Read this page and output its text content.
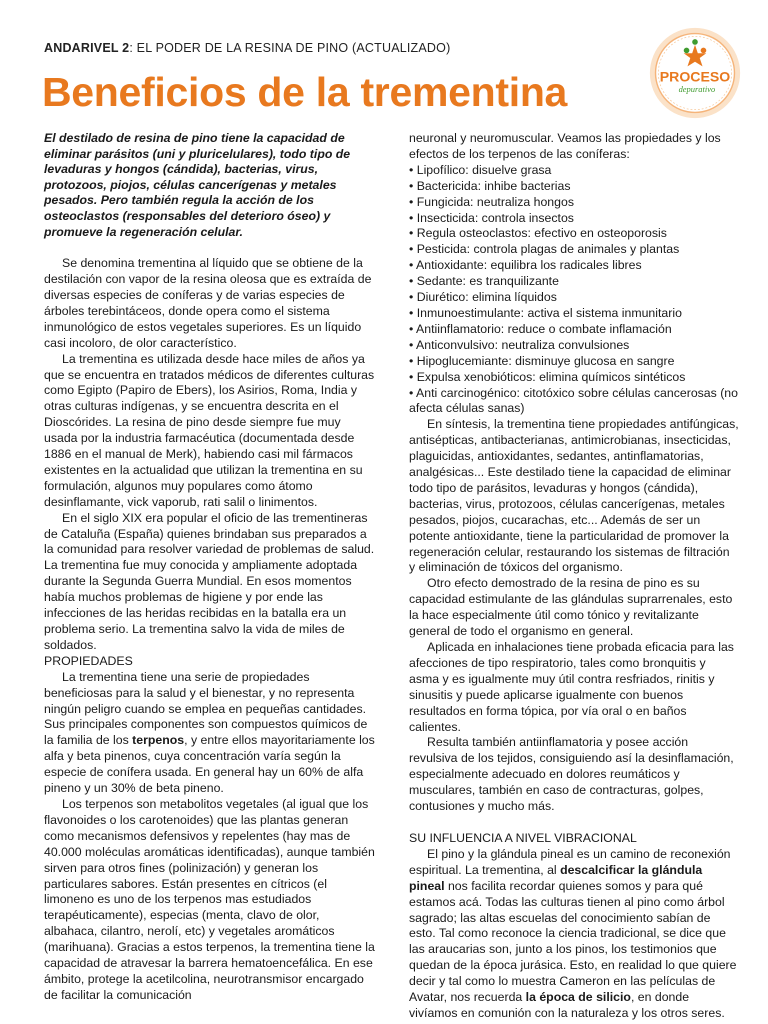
ANDARIVEL 2: EL PODER DE LA RESINA DE PINO (ACTUALIZADO)
Beneficios de la trementina	PROCESO
depurativo

El destilado de resina de pino tiene la capacidad de eliminar parásitos (uni y pluricelulares), todo tipo de levaduras y hongos (cándida), bacterias, virus, protozoos, piojos, células cancerígenas y metales pesados. Pero también regula la acción de los osteoclastos (responsables del deterioro óseo) y promueve la regeneración celular.

Se denomina trementina al líquido que se obtiene de la destilación con vapor de la resina oleosa que es extraída de diversas especies de coníferas y de varias especies de árboles terebintáceos, donde opera como el sistema inmunológico de estos vegetales superiores. Es un líquido casi incoloro, de olor característico.

La trementina es utilizada desde hace miles de años ya que se encuentra en tratados médicos de diferentes culturas como Egipto (Papiro de Ebers), los Asirios, Roma, India y otras culturas indígenas, y se encuentra descrita en el Dioscórides. La resina de pino desde siempre fue muy usada por la industria farmacéutica (documentada desde 1886 en el manual de Merk), habiendo casi mil fármacos existentes en la actualidad que utilizan la trementina en su formulación, algunos muy populares como átomo desinflamante, vick vaporub, rati salil o linimentos.

En el siglo XIX era popular el oficio de las trementineras de Cataluña (España) quienes brindaban sus preparados a la comunidad para resolver variedad de problemas de salud. La trementina fue muy conocida y ampliamente adoptada durante la Segunda Guerra Mundial. En esos momentos había muchos problemas de higiene y por ende las infecciones de las heridas recibidas en la batalla era un problema serio. La trementina salvo la vida de miles de soldados.

PROPIEDADES

La trementina tiene una serie de propiedades beneficiosas para la salud y el bienestar, y no representa ningún peligro cuando se emplea en pequeñas cantidades. Sus principales componentes son compuestos químicos de la familia de los terpenos, y entre ellos mayoritariamente los alfa y beta pinenos, cuya concentración varía según la especie de conífera usada. En general hay un 60% de alfa pineno y un 30% de beta pineno.

Los terpenos son metabolitos vegetales (al igual que los flavonoides o los carotenoides) que las plantas generan como mecanismos defensivos y repelentes (hay mas de 40.000 moléculas aromáticas identificadas), aunque también sirven para otros fines (polinización) y generan los particulares sabores. Están presentes en cítricos (el limoneno es uno de los terpenos mas estudiados terapéuticamente), especias (menta, clavo de olor, albahaca, cilantro, nerolí, etc) y vegetales aromáticos (marihuana). Gracias a estos terpenos, la trementina tiene la capacidad de atravesar la barrera hematoencefálica. En ese ámbito, protege la acetilcolina, neurotransmisor encargado de facilitar la comunicación

neuronal y neuromuscular. Veamos las propiedades y los efectos de los terpenos de las coníferas:

• Lipofílico: disuelve grasa
• Bactericida: inhibe bacterias
• Fungicida: neutraliza hongos
• Insecticida: controla insectos
• Regula osteoclastos: efectivo en osteoporosis
• Pesticida: controla plagas de animales y plantas
• Antioxidante: equilibra los radicales libres
• Sedante: es tranquilizante
• Diurético: elimina líquidos
• Inmunoestimulante: activa el sistema inmunitario
• Antiinflamatorio: reduce o combate inflamación
• Anticonvulsivo: neutraliza convulsiones
• Hipoglucemiante: disminuye glucosa en sangre
• Expulsa xenobióticos: elimina químicos sintéticos
• Anti carcinogénico: citotóxico sobre células cancerosas (no afecta células sanas)

En síntesis, la trementina tiene propiedades antifúngicas, antisépticas, antibacterianas, antimicrobianas, insecticidas, plaguicidas, antioxidantes, sedantes, antinflamatorias, analgésicas... Este destilado tiene la capacidad de eliminar todo tipo de parásitos, levaduras y hongos (cándida), bacterias, virus, protozoos, células cancerígenas, metales pesados, piojos, cucarachas, etc... Además de ser un potente antioxidante, tiene la particularidad de promover la regeneración celular, restaurando los sistemas de filtración y eliminación de tóxicos del organismo.

Otro efecto demostrado de la resina de pino es su capacidad estimulante de las glándulas suprarrenales, esto la hace especialmente útil como tónico y revitalizante general de todo el organismo en general.

Aplicada en inhalaciones tiene probada eficacia para las afecciones de tipo respiratorio, tales como bronquitis y asma y es igualmente muy útil contra resfriados, rinitis y sinusitis y puede aplicarse igualmente con buenos resultados en forma tópica, por vía oral o en baños calientes.

Resulta también antiinflamatoria y posee acción revulsiva de los tejidos, consiguiendo así la desinflamación, especialmente adecuado en dolores reumáticos y musculares, también en caso de contracturas, golpes, contusiones y mucho más.

SU INFLUENCIA A NIVEL VIBRACIONAL

El pino y la glándula pineal es un camino de reconexión espiritual. La trementina, al descalcificar la glándula pineal nos facilita recordar quienes somos y para qué estamos acá. Todas las culturas tienen al pino como árbol sagrado; las altas escuelas del conocimiento sabían de esto. Tal como reconoce la ciencia tradicional, se dice que las araucarias son, junto a los pinos, los testimonios que quedan de la época jurásica. Esto, en realidad lo que quiere decir y tal como lo muestra Cameron en las películas de Avatar, nos recuerda la época de silicio, en donde vivíamos en comunión con la naturaleza y los otros seres.
